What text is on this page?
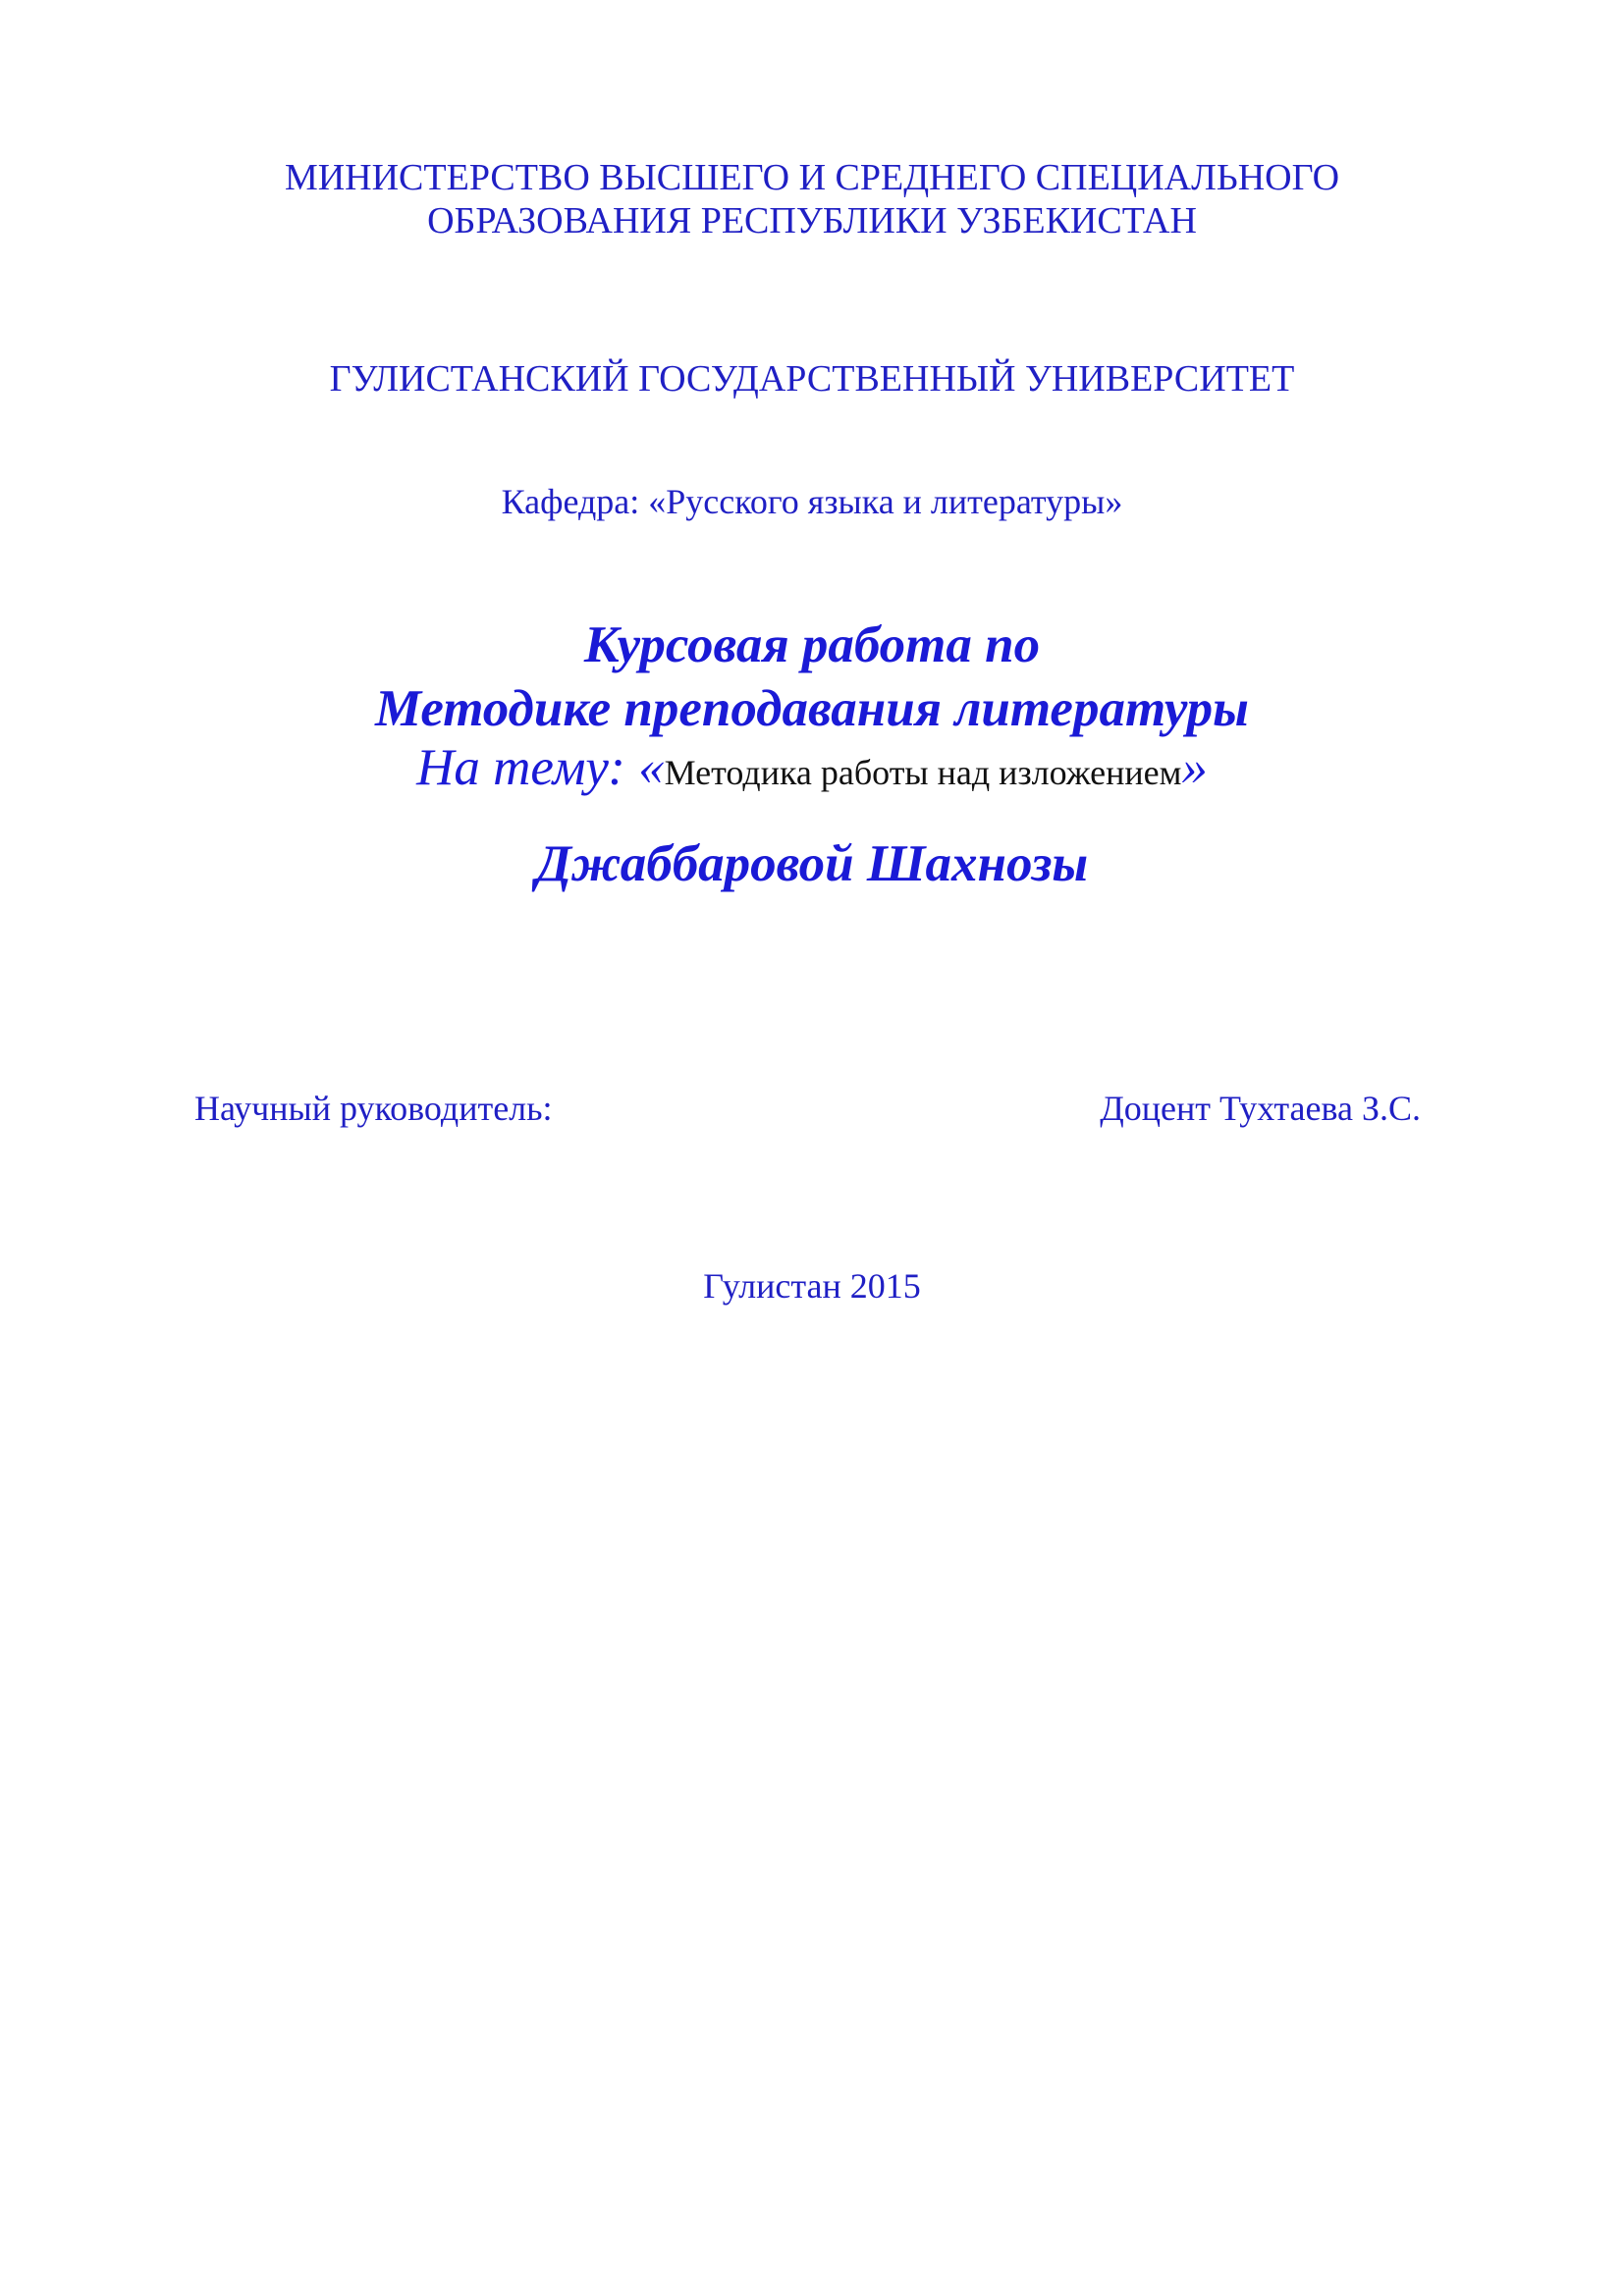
МИНИСТЕРСТВО ВЫСШЕГО И СРЕДНЕГО СПЕЦИАЛЬНОГО

ОБРАЗОВАНИЯ РЕСПУБЛИКИ УЗБЕКИСТАН

ГУЛИСТАНСКИЙ ГОСУДАРСТВЕННЫЙ УНИВЕРСИТЕТ

Кафедра: «Русского языка и литературы»

Курсовая работа по

Методике преподавания литературы

На тему: «Методика работы над изложением»

Джаббаровой Шахнозы

Научный руководитель:	Доцент Тухтаева З.С.

Гулистан 2015
